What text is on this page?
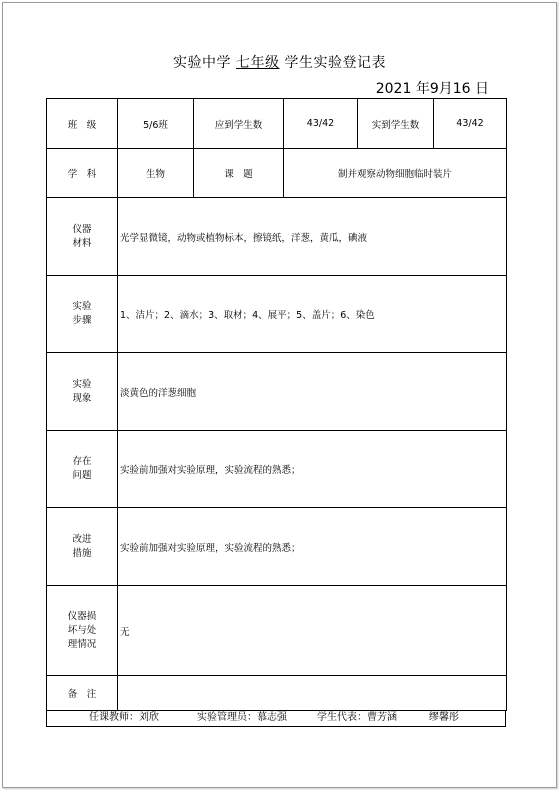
实验中学 七年级 学生实验登记表
2021 年9月16 日
班　级	5/6班	应到学生数	43/42	实到学生数	43/42
学　科	生物	课　题	制并观察动物细胞临时装片		

仪器
材料	光学显微镜，动物或植物标本，擦镜纸，洋葱，黄瓜，碘液				

实验
步骤	1、洁片；2、滴水；3、取材；4、展平；5、盖片；6、染色				

实验
现象	淡黄色的洋葱细胞				

存在
问题	实验前加强对实验原理，实验流程的熟悉；				

改进
措施	实验前加强对实验原理，实验流程的熟悉；				

仪器损
坏与处
理情况	无				
备　注					
任课教师：刘欣	实验管理员：慕志强	学生代表：曹芳涵	缪馨彤
